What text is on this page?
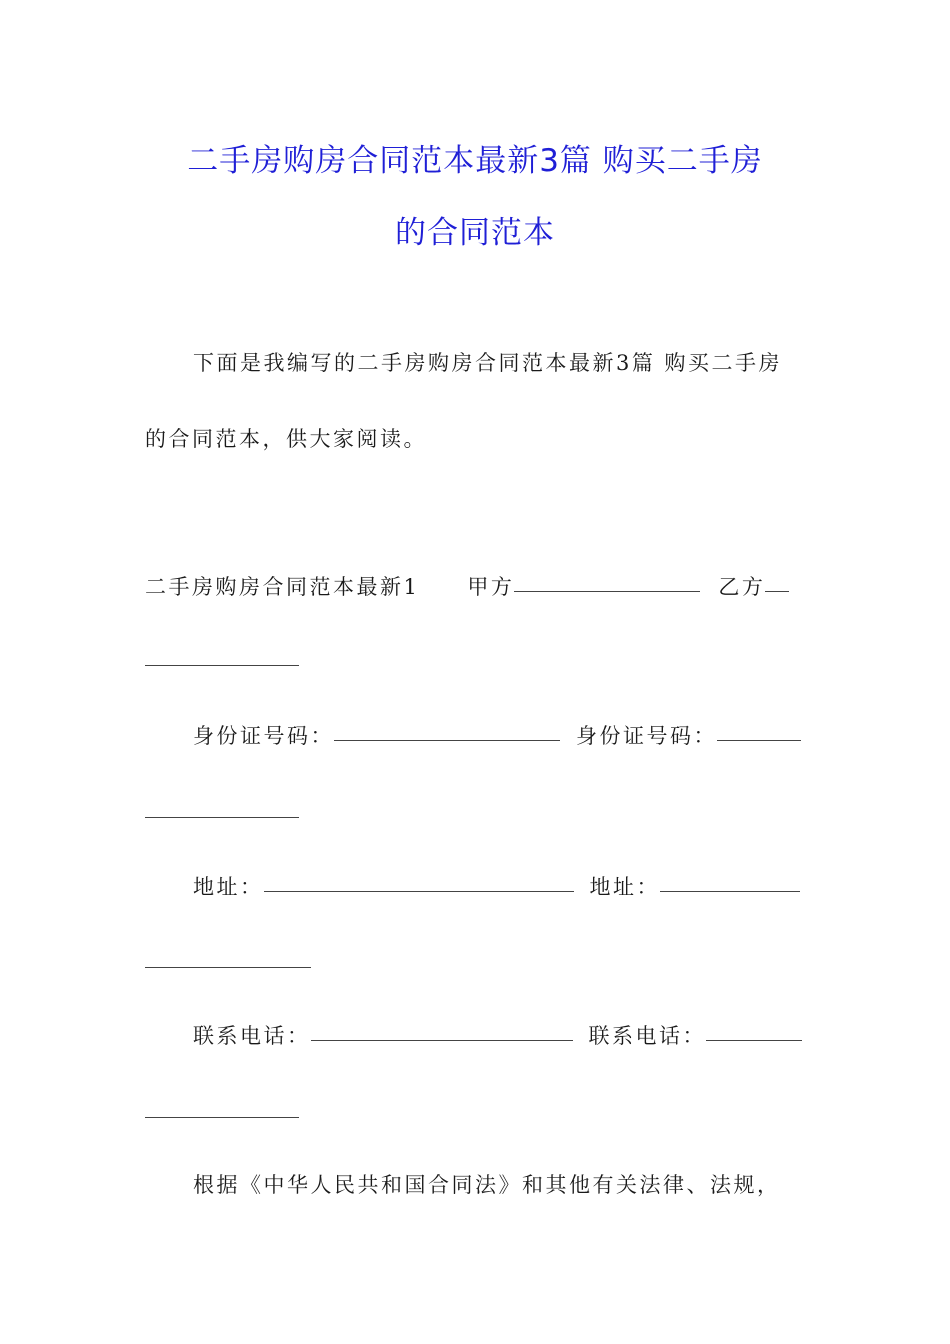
二手房购房合同范本最新3篇 购买二手房
的合同范本
下面是我编写的二手房购房合同范本最新3篇 购买二手房
的合同范本，供大家阅读。
二手房购房合同范本最新1 甲方	乙方
身份证号码：	身份证号码：
地址：	地址：
联系电话：	联系电话：
根据《中华人民共和国合同法》和其他有关法律、法规，
